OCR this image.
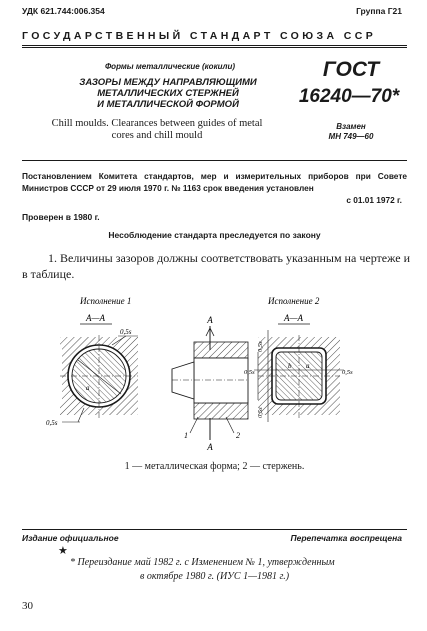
УДК 621.744:006.354	Группа Г21
ГОСУДАРСТВЕННЫЙ СТАНДАРТ СОЮЗА ССР
Формы металлические (кокили)
ЗАЗОРЫ МЕЖДУ НАПРАВЛЯЮЩИМИ
МЕТАЛЛИЧЕСКИХ СТЕРЖНЕЙ
И МЕТАЛЛИЧЕСКОЙ ФОРМОЙ
Chill moulds. Clearances between guides of metal
cores and chill mould
ГОСТ
16240—70*
Взамен
МН 749—60
Постановлением Комитета стандартов, мер и измерительных приборов при Совете Министров СССР от 29 июля 1970 г. № 1163 срок введения установлен
с 01.01 1972 г.
Проверен в 1980 г.
Несоблюдение стандарта преследуется по закону
1. Величины зазоров должны соответствовать указанным на чертеже и в таблице.
Исполнение 1
А—А
0,5s
a
0,5s
А
А
1	2
Исполнение 2
А—А
0,5s
0,5s
0,5s	0,5s
b a
1 — металлическая форма; 2 — стержень.
Издание официальное	Перепечатка воспрещена
★
* Переиздание май 1982 г. с Изменением № 1, утвержденным
в октябре 1980 г. (ИУС 1—1981 г.)
30
